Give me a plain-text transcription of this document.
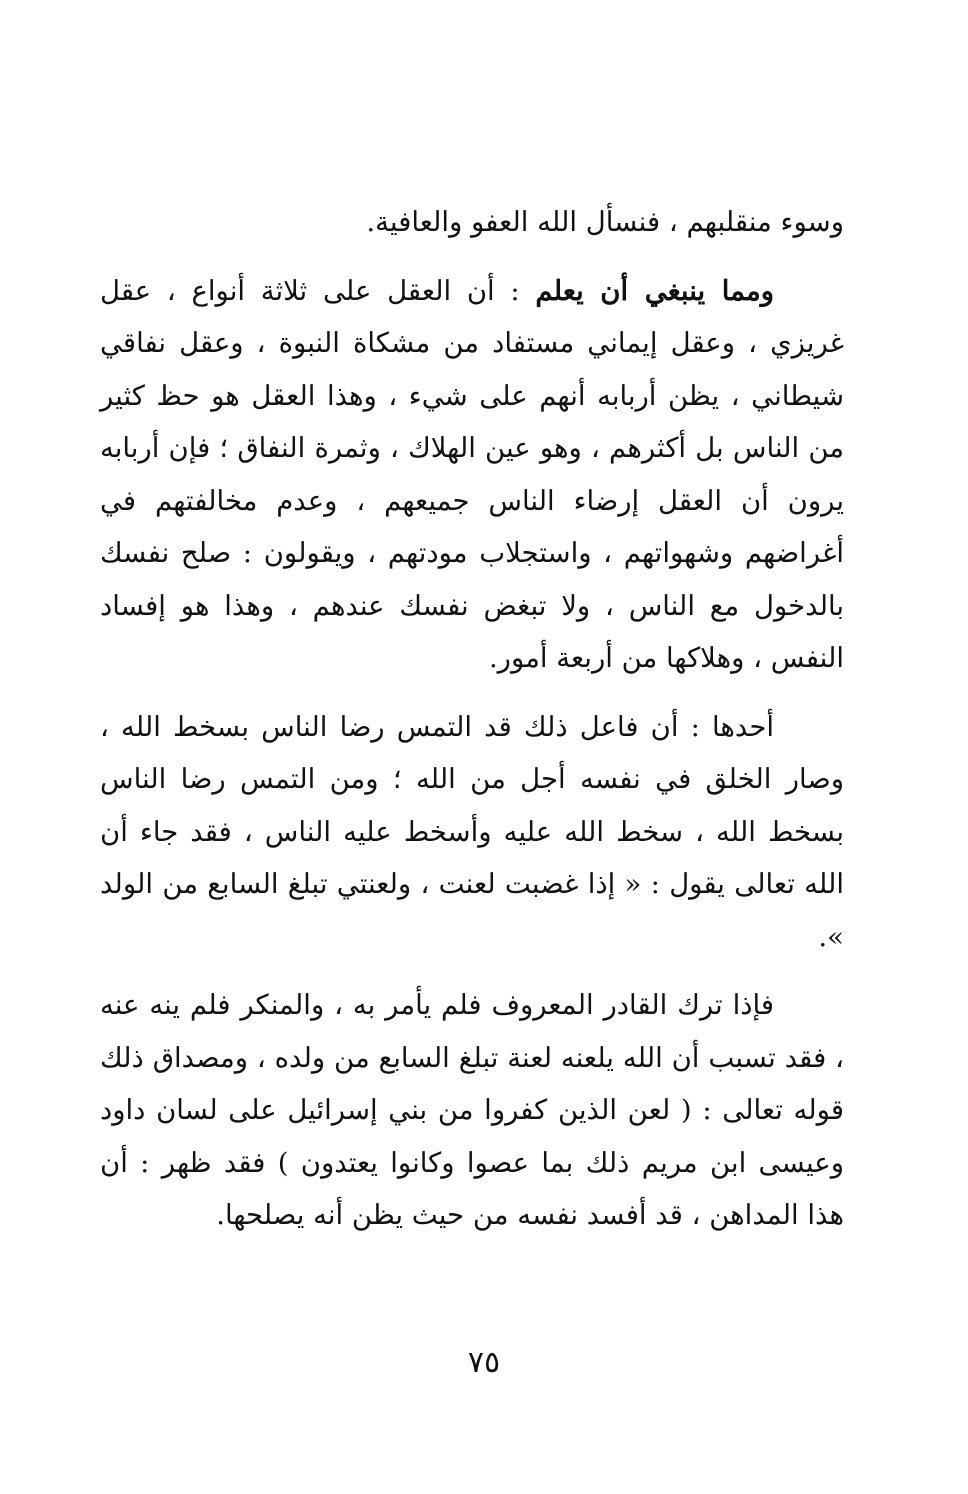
وسوء منقلبهم ، فنسأل الله العفو والعافية.

ومما ينبغي أن يعلم : أن العقل على ثلاثة أنواع ، عقل غريزي ، وعقل إيماني مستفاد من مشكاة النبوة ، وعقل نفاقي شيطاني ، يظن أربابه أنهم على شيء ، وهذا العقل هو حظ كثير من الناس بل أكثرهم ، وهو عين الهلاك ، وثمرة النفاق ؛ فإن أربابه يرون أن العقل إرضاء الناس جميعهم ، وعدم مخالفتهم في أغراضهم وشهواتهم ، واستجلاب مودتهم ، ويقولون : صلح نفسك بالدخول مع الناس ، ولا تبغض نفسك عندهم ، وهذا هو إفساد النفس ، وهلاكها من أربعة أمور.

أحدها : أن فاعل ذلك قد التمس رضا الناس بسخط الله ، وصار الخلق في نفسه أجل من الله ؛ ومن التمس رضا الناس بسخط الله ، سخط الله عليه وأسخط عليه الناس ، فقد جاء أن الله تعالى يقول : « إذا غضبت لعنت ، ولعنتي تبلغ السابع من الولد ».

فإذا ترك القادر المعروف فلم يأمر به ، والمنكر فلم ينه عنه ، فقد تسبب أن الله يلعنه لعنة تبلغ السابع من ولده ، ومصداق ذلك قوله تعالى : ( لعن الذين كفروا من بني إسرائيل على لسان داود وعيسى ابن مريم ذلك بما عصوا وكانوا يعتدون ) فقد ظهر : أن هذا المداهن ، قد أفسد نفسه من حيث يظن أنه يصلحها.

٧٥
